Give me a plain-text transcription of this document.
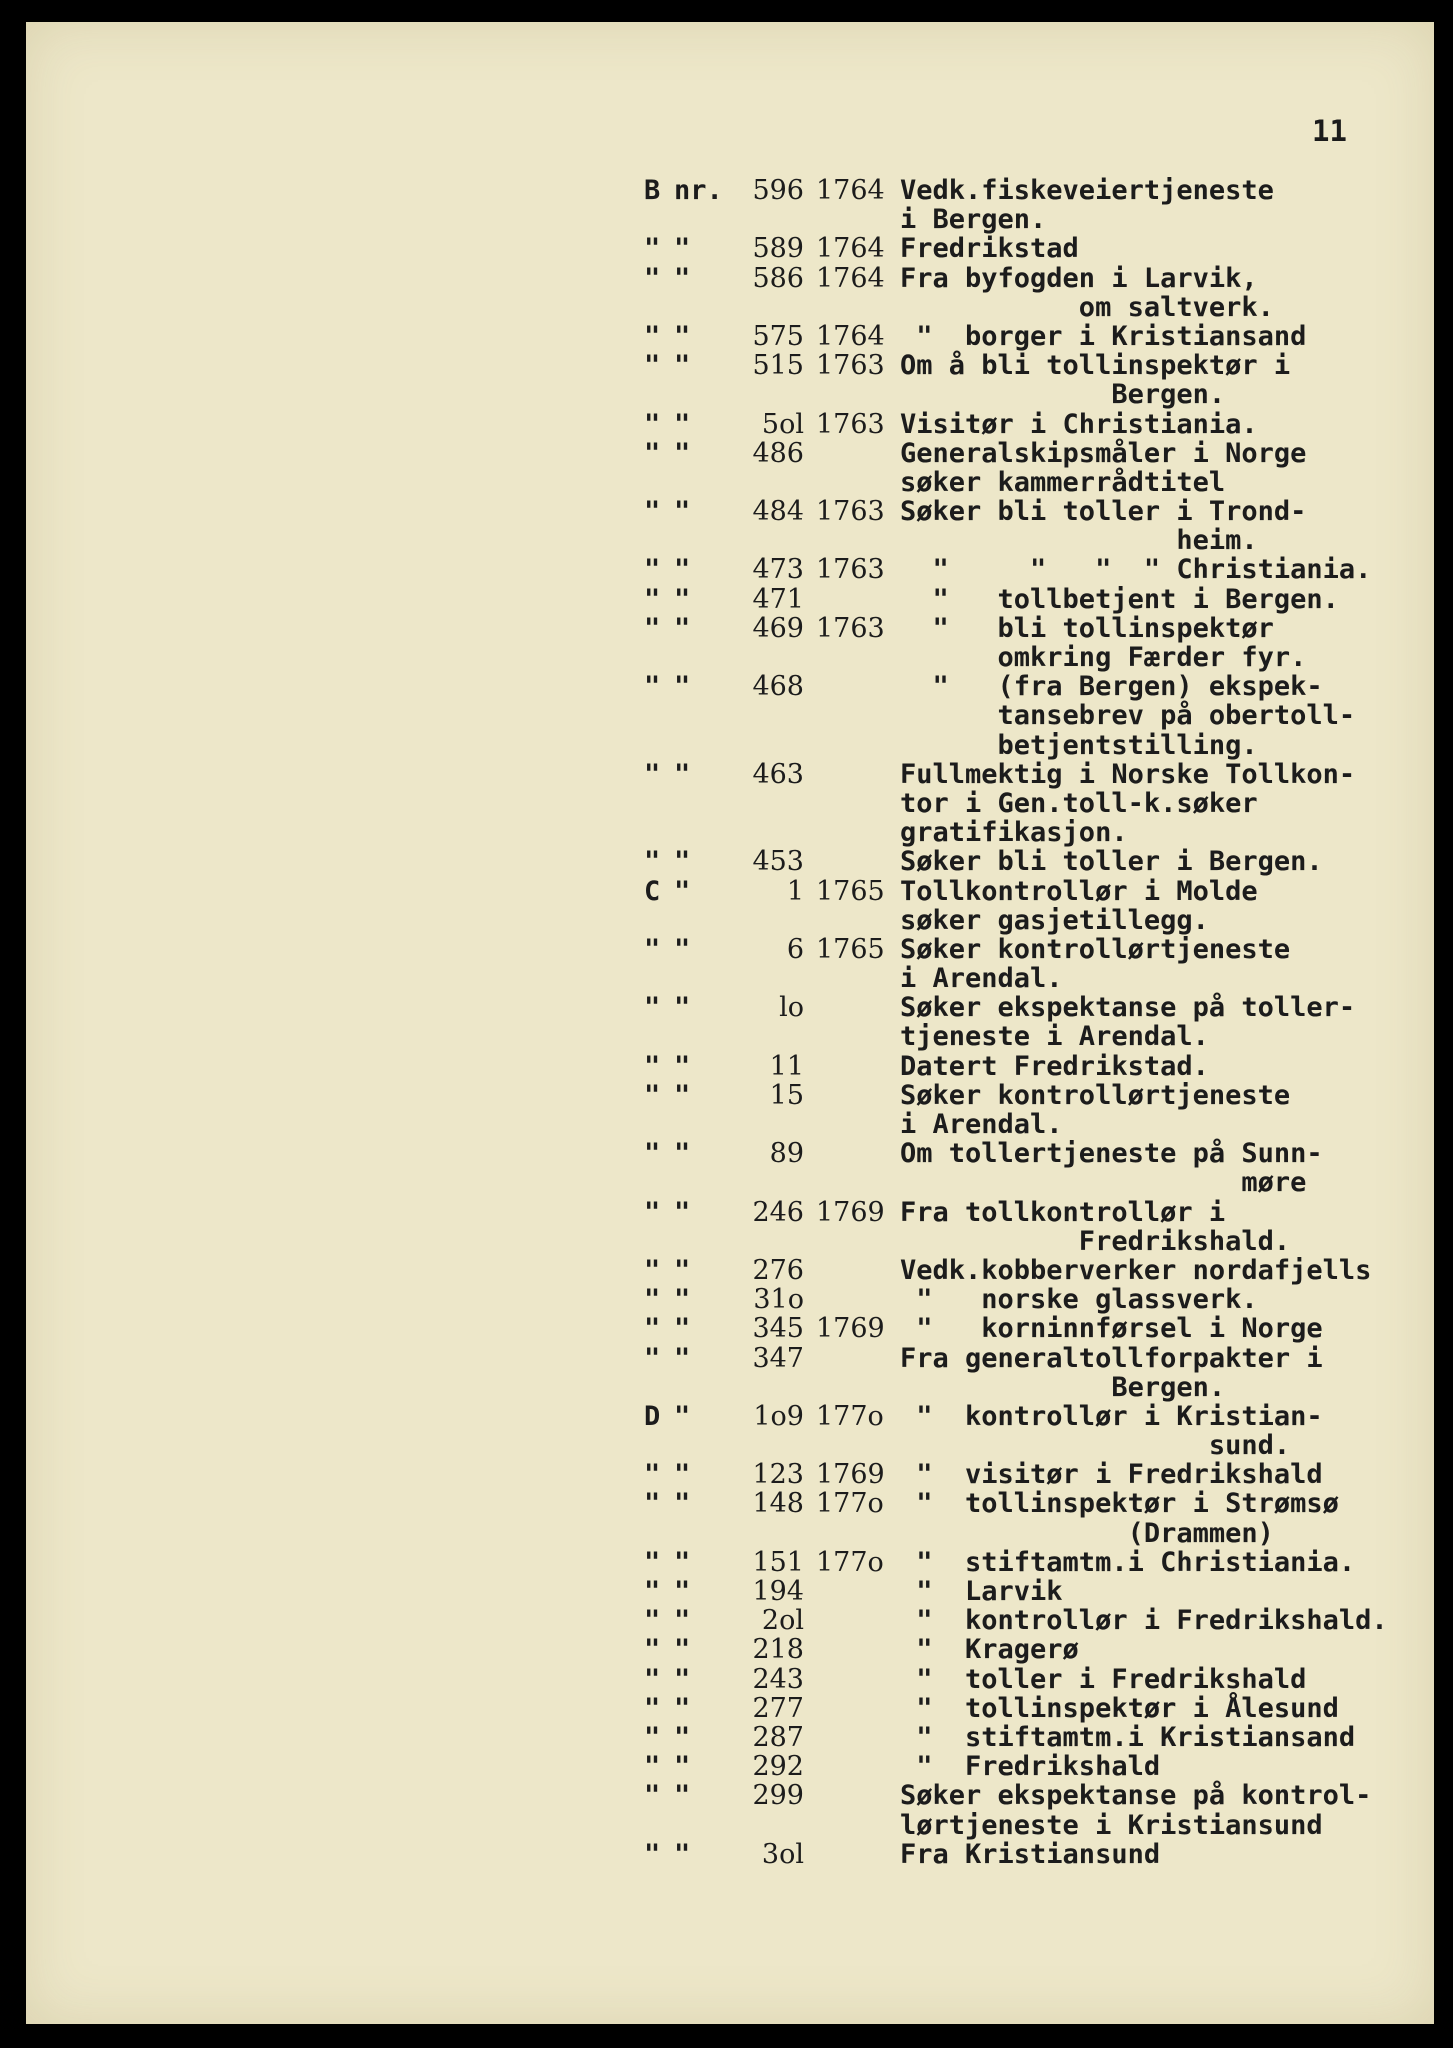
11
B nr.	596 1764 Vedk.fiskeveiertjeneste
i Bergen.
" "	589 1764 Fredrikstad
" "	586 1764 Fra byfogden i Larvik,
om saltverk.
" "	575 1764 "  borger i Kristiansand
" "	515 1763 Om å bli tollinspektør i
Bergen.
" "	5ol 1763 Visitør i Christiania.
" "	486	Generalskipsmåler i Norge
søker kammerrådtitel
" "	484 1763 Søker bli toller i Trond-
heim.
" "	473 1763 "     "   "  " Christiania.
" "	471	"   tollbetjent i Bergen.
" "	469 1763 "   bli tollinspektør
omkring Færder fyr.
" "	468	"   (fra Bergen) ekspek-
tansebrev på obertoll-
betjentstilling.
" "	463	Fullmektig i Norske Tollkon-
tor i Gen.toll-k.søker
gratifikasjon.
" "	453	Søker bli toller i Bergen.
C "	1 1765 Tollkontrollør i Molde
søker gasjetillegg.
" "	6 1765 Søker kontrollørtjeneste
i Arendal.
" "	lo	Søker ekspektanse på toller-
tjeneste i Arendal.
" "	11	Datert Fredrikstad.
" "	15	Søker kontrollørtjeneste
i Arendal.
" "	89	Om tollertjeneste på Sunn-
møre
" "	246 1769 Fra tollkontrollør i
Fredrikshald.
" "	276	Vedk.kobberverker nordafjells
" "	31o	"   norske glassverk.
" "	345 1769 "   korninnførsel i Norge
" "	347	Fra generaltollforpakter i
Bergen.
D "	1o9 177o "  kontrollør i Kristian-
sund.
" "	123 1769 "  visitør i Fredrikshald
" "	148 177o "  tollinspektør i Strømsø
(Drammen)
" "	151 177o "  stiftamtm.i Christiania.
" "	194	"  Larvik
" "	2ol	"  kontrollør i Fredrikshald.
" "	218	"  Kragerø
" "	243	"  toller i Fredrikshald
" "	277	"  tollinspektør i Ålesund
" "	287	"  stiftamtm.i Kristiansand
" "	292	"  Fredrikshald
" "	299	Søker ekspektanse på kontrol-
lørtjeneste i Kristiansund
" "	3ol	Fra Kristiansund
